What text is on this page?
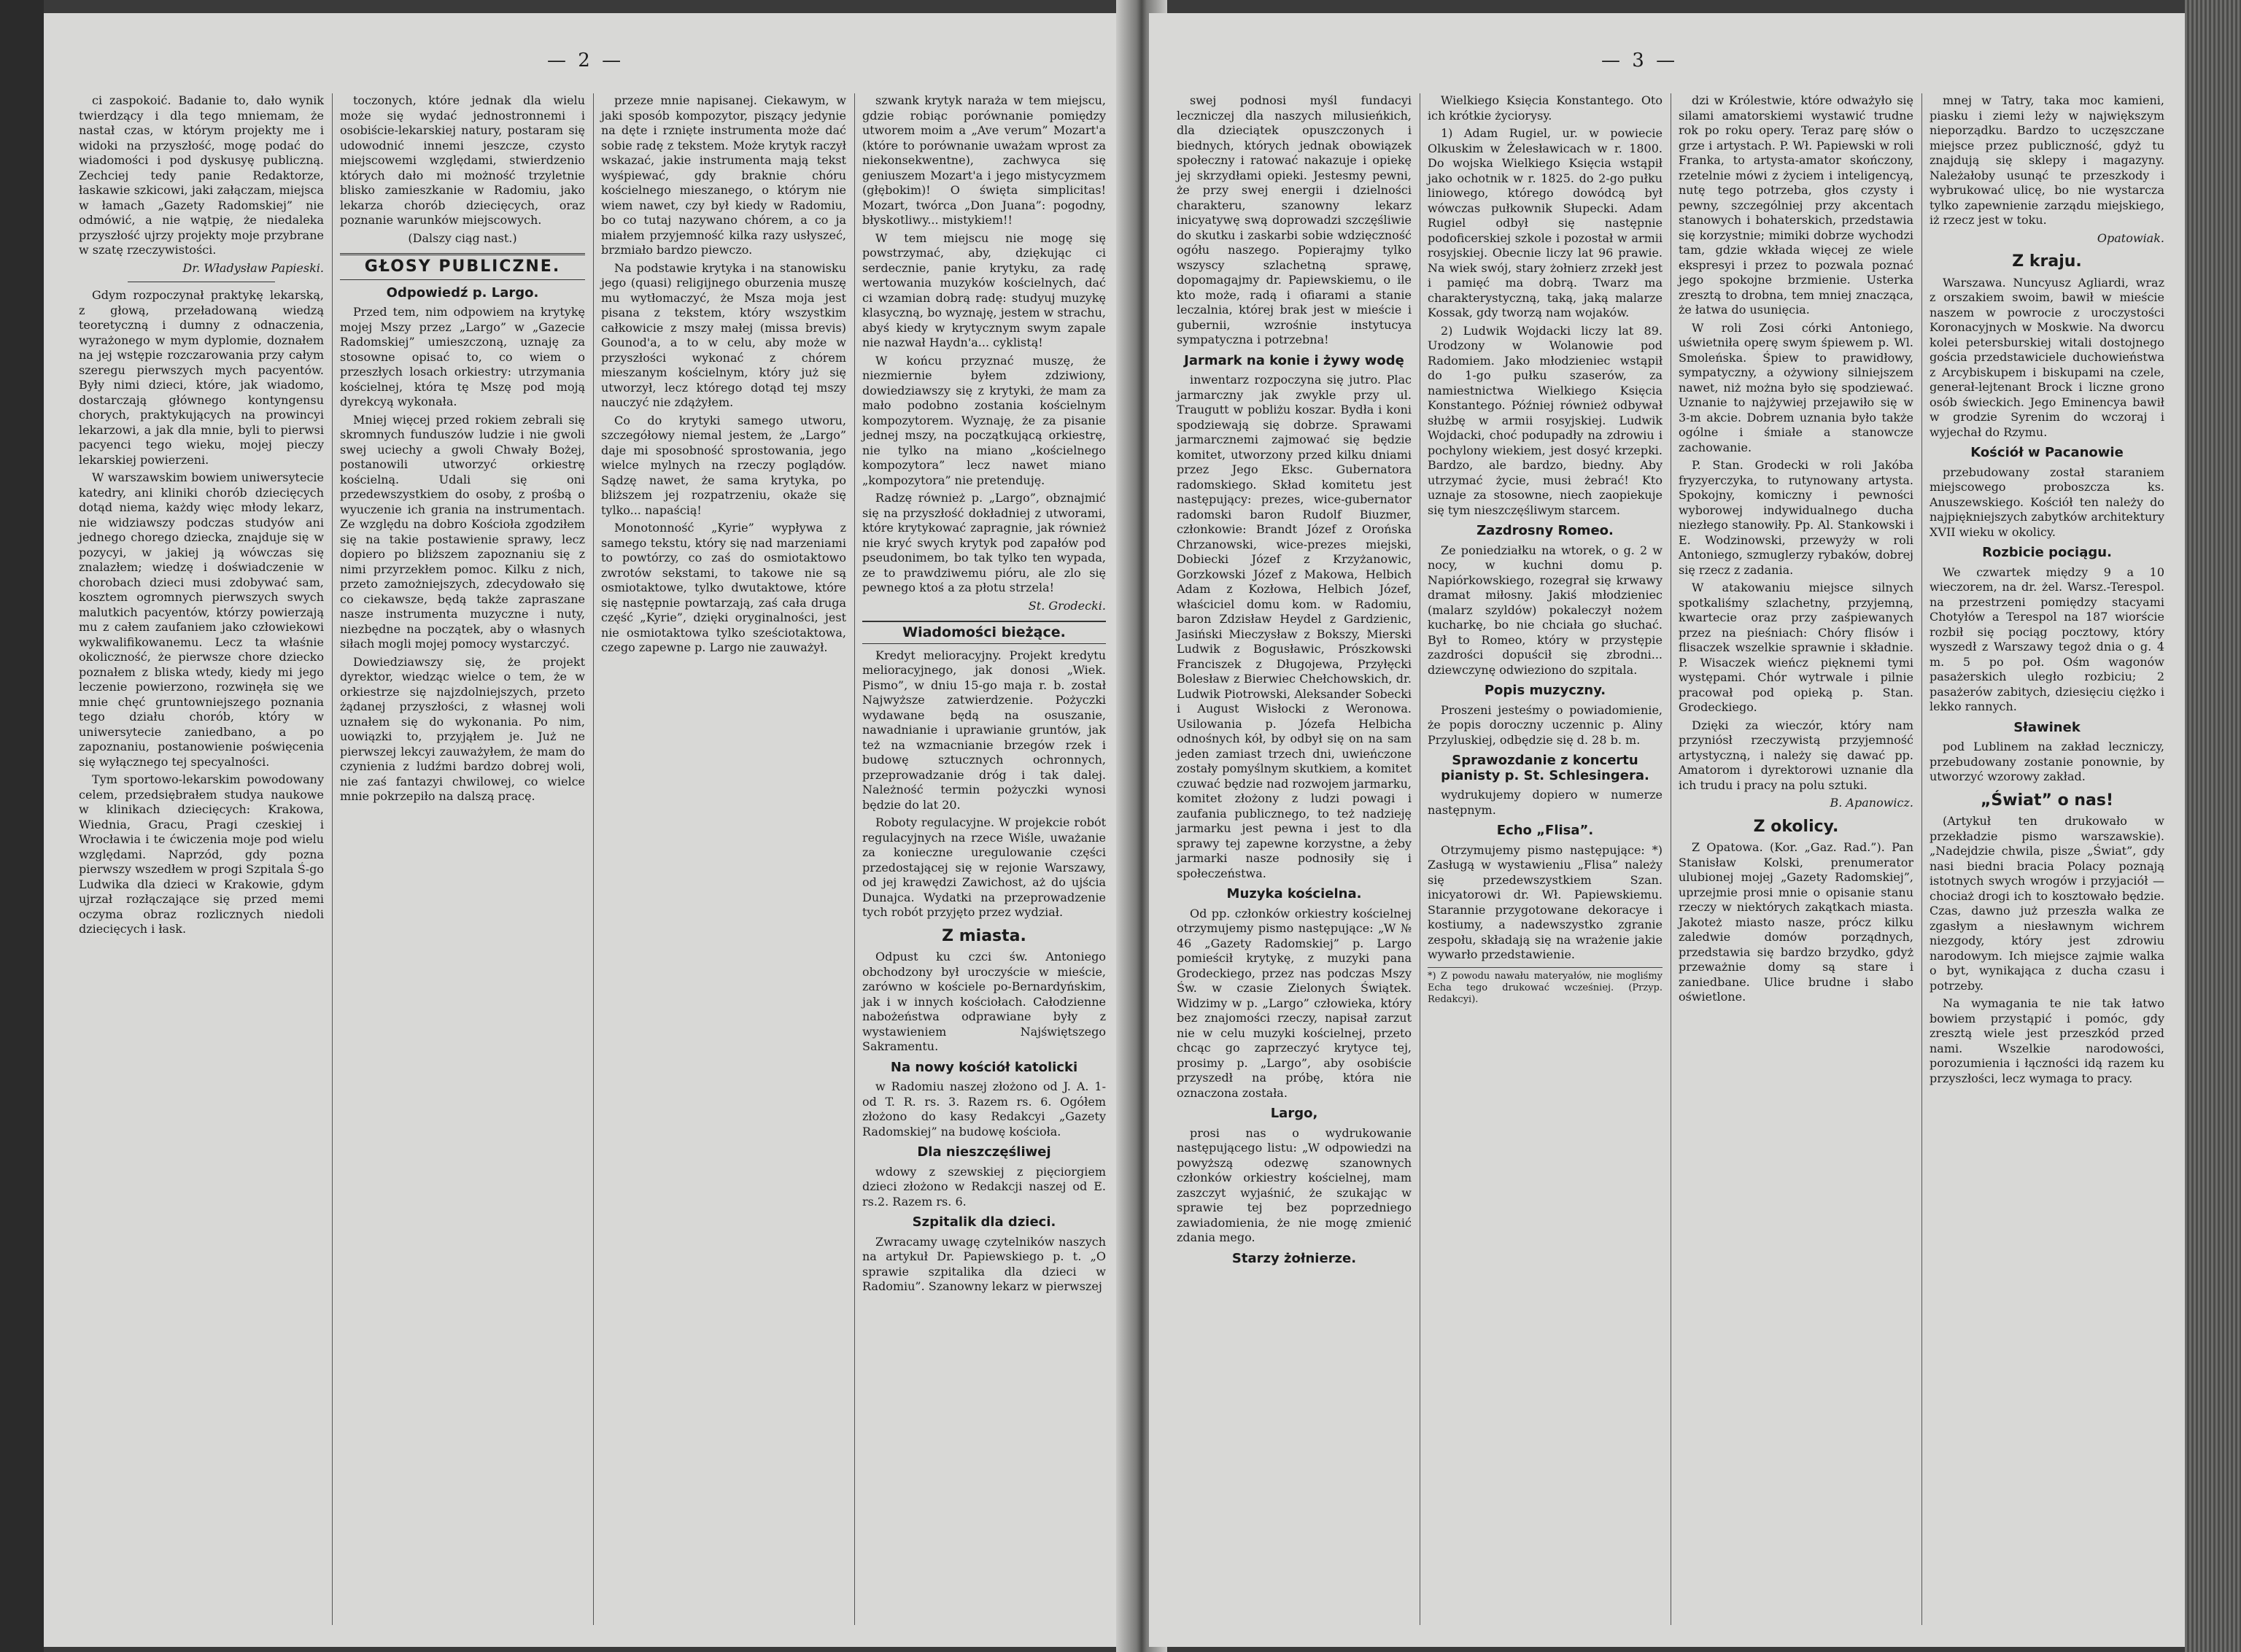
— 2 —

ci zaspokoić. Badanie to, dało wynik twierdzący i dla tego mniemam, że nastał czas, w którym projekty me i widoki na przyszłość, mogę podać do wiadomości i pod dyskusyę publiczną. Zechciej tedy panie Redaktorze, łaskawie szkicowi, jaki załączam, miejsca w łamach „Gazety Radomskiej” nie odmówić, a nie wątpię, że niedaleka przyszłość ujrzy projekty moje przybrane w szatę rzeczywistości.

Dr. Władysław Papieski.

Gdym rozpoczynał praktykę lekarską, z głową, przeładowaną wiedzą teoretyczną i dumny z odnaczenia, wyrażonego w mym dyplomie, doznałem na jej wstępie rozczarowania przy całym szeregu pierwszych mych pacyentów. Były nimi dzieci, które, jak wiadomo, dostarczają głównego kontyngensu chorych, praktykujących na prowincyi lekarzowi, a jak dla mnie, byli to pierwsi pacyenci tego wieku, mojej pieczy lekarskiej powierzeni.

W warszawskim bowiem uniwersytecie katedry, ani kliniki chorób dziecięcych dotąd niema, każdy więc młody lekarz, nie widziawszy podczas studyów ani jednego chorego dziecka, znajduje się w pozycyi, w jakiej ją wówczas się znalazłem; wiedzę i doświadczenie w chorobach dzieci musi zdobywać sam, kosztem ogromnych pierwszych swych malutkich pacyentów, którzy powierzają mu z całem zaufaniem jako człowiekowi wykwalifikowanemu. Lecz ta właśnie okoliczność, że pierwsze chore dziecko poznałem z bliska wtedy, kiedy mi jego leczenie powierzono, rozwinęła się we mnie chęć gruntowniejszego poznania tego działu chorób, który w uniwersytecie zaniedbano, a po zapoznaniu, postanowienie poświęcenia się wyłącznego tej specyalności.

Tym sportowo-lekarskim powodowany celem, przedsiębrałem studya naukowe w klinikach dziecięcych: Krakowa, Wiednia, Gracu, Pragi czeskiej i Wrocławia i te ćwiczenia moje pod wielu względami. Naprzód, gdy pozna pierwszy wszedłem w progi Szpitala Ś-go Ludwika dla dzieci w Krakowie, gdym ujrzał rozłączające się przed memi oczyma obraz rozlicznych niedoli dziecięcych i łask.

toczonych, które jednak dla wielu może się wydać jednostronnemi i osobiście-lekarskiej natury, postaram się udowodnić innemi jeszcze, czysto miejscowemi względami, stwierdzenio których dało mi możność trzyletnie blisko zamieszkanie w Radomiu, jako lekarza chorób dziecięcych, oraz poznanie warunków miejscowych.

(Dalszy ciąg nast.)
GŁOSY PUBLICZNE.
Odpowiedź p. Largo.

Przed tem, nim odpowiem na krytykę mojej Mszy przez „Largo” w „Gazecie Radomskiej” umieszczoną, uznaję za stosowne opisać to, co wiem o przeszłych losach orkiestry: utrzymania kościelnej, która tę Mszę pod moją dyrekcyą wykonała.

Mniej więcej przed rokiem zebrali się skromnych funduszów ludzie i nie gwoli swej uciechy a gwoli Chwały Bożej, postanowili utworzyć orkiestrę kościelną. Udali się oni przedewszystkiem do osoby, z prośbą o wyuczenie ich grania na instrumentach. Ze względu na dobro Kościoła zgodziłem się na takie postawienie sprawy, lecz dopiero po bliższem zapoznaniu się z nimi przyrzekłem pomoc. Kilku z nich, przeto zamożniejszych, zdecydowało się co ciekawsze, będą także zapraszane nasze instrumenta muzyczne i nuty, niezbędne na początek, aby o własnych siłach mogli mojej pomocy wystarczyć.

Dowiedziawszy się, że projekt dyrektor, wiedząc wielce o tem, że w orkiestrze się najzdolniejszych, przeto żądanej przyszłości, z własnej woli uznałem się do wykonania. Po nim, uowiązki to, przyjąłem je. Już ne pierwszej lekcyi zauważyłem, że mam do czynienia z ludźmi bardzo dobrej woli, nie zaś fantazyi chwilowej, co wielce mnie pokrzepiło na dalszą pracę.

przeze mnie napisanej. Ciekawym, w jaki sposób kompozytor, piszący jedynie na dęte i rznięte instrumenta może dać sobie radę z tekstem. Może krytyk raczył wskazać, jakie instrumenta mają tekst wyśpiewać, gdy braknie chóru kościelnego mieszanego, o którym nie wiem nawet, czy był kiedy w Radomiu, bo co tutaj nazywano chórem, a co ja miałem przyjemność kilka razy usłyszeć, brzmiało bardzo piewczo.

Na podstawie krytyka i na stanowisku jego (quasi) religijnego oburzenia muszę mu wytłomaczyć, że Msza moja jest pisana z tekstem, który wszystkim całkowicie z mszy małej (missa brevis) Gounod'a, a to w celu, aby może w przyszłości wykonać z chórem mieszanym kościelnym, który już się utworzył, lecz którego dotąd tej mszy nauczyć nie zdążyłem.

Co do krytyki samego utworu, szczegółowy niemal jestem, że „Largo” daje mi sposobność sprostowania, jego wielce mylnych na rzeczy poglądów. Sądzę nawet, że sama krytyka, po bliższem jej rozpatrzeniu, okaże się tylko... napaścią!

Monotonność „Kyrie” wypływa z samego tekstu, który się nad marzeniami to powtórzy, co zaś do osmiotaktowo zwrotów sekstami, to takowe nie są osmiotaktowe, tylko dwutaktowe, które się następnie powtarzają, zaś cała druga część „Kyrie”, dzięki oryginalności, jest nie osmiotaktowa tylko sześciotaktowa, czego zapewne p. Largo nie zauważył.

szwank krytyk naraża w tem miejscu, gdzie robiąc porównanie pomiędzy utworem moim a „Ave verum” Mozart'a (które to porównanie uważam wprost za niekonsekwentne), zachwyca się geniuszem Mozart'a i jego mistycyzmem (głębokim)! O święta simplicitas! Mozart, twórca „Don Juana”: pogodny, błyskotliwy... mistykiem!!

W tem miejscu nie mogę się powstrzymać, aby, dziękując ci serdecznie, panie krytyku, za radę wertowania muzyków kościelnych, dać ci wzamian dobrą radę: studyuj muzykę klasyczną, bo wyznaję, jestem w strachu, abyś kiedy w krytycznym swym zapale nie nazwał Haydn'a... cyklistą!

W końcu przyznać muszę, że niezmiernie byłem zdziwiony, dowiedziawszy się z krytyki, że mam za mało podobno zostania kościelnym kompozytorem. Wyznaję, że za pisanie jednej mszy, na początkującą orkiestrę, nie tylko na miano „kościelnego kompozytora” lecz nawet miano „kompozytora” nie pretenduję.

Radzę również p. „Largo”, obznajmić się na przyszłość dokładniej z utworami, które krytykować zapragnie, jak również nie kryć swych krytyk pod zapałów pod pseudonimem, bo tak tylko ten wypada, ze to prawdziwemu pióru, ale zlo się pewnego ktoś a za płotu strzela!

St. Grodecki.
Wiadomości bieżące.

Kredyt melioracyjny. Projekt kredytu melioracyjnego, jak donosi „Wiek. Pismo”, w dniu 15-go maja r. b. został Najwyższe zatwierdzenie. Pożyczki wydawane będą na osuszanie, nawadnianie i uprawianie gruntów, jak też na wzmacnianie brzegów rzek i budowę sztucznych ochronnych, przeprowadzanie dróg i tak dalej. Należność termin pożyczki wynosi będzie do lat 20.

Roboty regulacyjne. W projekcie robót regulacyjnych na rzece Wiśle, uważanie za konieczne uregulowanie części przedostającej się w rejonie Warszawy, od jej krawędzi Zawichost, aż do ujścia Dunajca. Wydatki na przeprowadzenie tych robót przyjęto przez wydział.

Z miasta.

Odpust ku czci św. Antoniego obchodzony był uroczyście w mieście, zarówno w kościele po-Bernardyńskim, jak i w innych kościołach. Całodzienne nabożeństwa odprawiane były z wystawieniem Najświętszego Sakramentu.

Na nowy kościół katolicki

w Radomiu naszej złożono od J. A. 1-od T. R. rs. 3. Razem rs. 6. Ogółem złożono do kasy Redakcyi „Gazety Radomskiej” na budowę kościoła.

Dla nieszczęśliwej

wdowy z szewskiej z pięciorgiem dzieci złożono w Redakcji naszej od E. rs.2. Razem rs. 6.

Szpitalik dla dzieci.

Zwracamy uwagę czytelników naszych na artykuł Dr. Papiewskiego p. t. „O sprawie szpitalika dla dzieci w Radomiu”. Szanowny lekarz w pierwszej

— 3 —

swej podnosi myśl fundacyi leczniczej dla naszych milusieńkich, dla dzieciątek opuszczonych i biednych, których jednak obowiązek społeczny i ratować nakazuje i opiekę jej skrzydłami opieki. Jestesmy pewni, że przy swej energii i dzielności charakteru, szanowny lekarz inicyatywę swą doprowadzi szczęśliwie do skutku i zaskarbi sobie wdzięczność ogółu naszego. Popierajmy tylko wszyscy szlachetną sprawę, dopomagajmy dr. Papiewskiemu, o ile kto może, radą i ofiarami a stanie leczalnia, której brak jest w mieście i gubernii, wzrośnie instytucya sympatyczna i potrzebna!

Jarmark na konie i żywy wodę

inwentarz rozpoczyna się jutro. Plac jarmarczny jak zwykle przy ul. Traugutt w pobliżu koszar. Bydła i koni spodziewają się dobrze. Sprawami jarmarcznemi zajmować się będzie komitet, utworzony przed kilku dniami przez Jego Eksc. Gubernatora radomskiego. Skład komitetu jest następujący: prezes, wice-gubernator radomski baron Rudolf Biuzmer, członkowie: Brandt Józef z Orońska Chrzanowski, wice-prezes miejski, Dobiecki Józef z Krzyżanowic, Gorzkowski Józef z Makowa, Helbich Adam z Kozłowa, Helbich Józef, właściciel domu kom. w Radomiu, baron Zdzisław Heydel z Gardzienic, Jasiński Mieczysław z Bokszy, Mierski Ludwik z Bogusławic, Prószkowski Franciszek z Długojewa, Przyłęcki Bolesław z Bierwiec Chełchowskich, dr. Ludwik Piotrowski, Aleksander Sobecki i August Wisłocki z Weronowa. Usilowania p. Józefa Helbicha odnośnych kół, by odbył się on na sam jeden zamiast trzech dni, uwieńczone zostały pomyślnym skutkiem, a komitet czuwać będzie nad rozwojem jarmarku, komitet złożony z ludzi powagi i zaufania publicznego, to też nadzieję jarmarku jest pewna i jest to dla sprawy tej zapewne korzystne, a żeby jarmarki nasze podnosiły się i społeczeństwa.

Muzyka kościelna.

Od pp. członków orkiestry kościelnej otrzymujemy pismo następujące: „W № 46 „Gazety Radomskiej” p. Largo pomieścił krytykę, z muzyki pana Grodeckiego, przez nas podczas Mszy Św. w czasie Zielonych Świątek. Widzimy w p. „Largo” człowieka, który bez znajomości rzeczy, napisał zarzut nie w celu muzyki kościelnej, przeto chcąc go zaprzeczyć krytyce tej, prosimy p. „Largo”, aby osobiście przyszedł na próbę, która nie oznaczona została.

Largo,

prosi nas o wydrukowanie następującego listu: „W odpowiedzi na powyższą odezwę szanownych członków orkiestry kościelnej, mam zaszczyt wyjaśnić, że szukając w sprawie tej bez poprzedniego zawiadomienia, że nie mogę zmienić zdania mego.

Starzy żołnierze.

Wielkiego Księcia Konstantego. Oto ich krótkie życiorysy.

1) Adam Rugiel, ur. w powiecie Olkuskim w Żelesławicach w r. 1800. Do wojska Wielkiego Księcia wstąpił jako ochotnik w r. 1825. do 2-go pułku liniowego, którego dowódcą był wówczas pułkownik Słupecki. Adam Rugiel odbył się następnie podoficerskiej szkole i pozostał w armii rosyjskiej. Obecnie liczy lat 96 prawie. Na wiek swój, stary żołnierz zrzekł jest i pamięć ma dobrą. Twarz ma charakterystyczną, taką, jaką malarze Kossak, gdy tworzą nam wojaków.

2) Ludwik Wojdacki liczy lat 89. Urodzony w Wolanowie pod Radomiem. Jako młodzieniec wstąpił do 1-go pułku szaserów, za namiestnictwa Wielkiego Księcia Konstantego. Później również odbywał służbę w armii rosyjskiej. Ludwik Wojdacki, choć podupadły na zdrowiu i pochylony wiekiem, jest dosyć krzepki. Bardzo, ale bardzo, biedny. Aby utrzymać życie, musi żebrać! Kto uznaje za stosowne, niech zaopiekuje się tym nieszczęśliwym starcem.

Zazdrosny Romeo.

Ze poniedziałku na wtorek, o g. 2 w nocy, w kuchni domu p. Napiórkowskiego, rozegrał się krwawy dramat miłosny. Jakiś młodzieniec (malarz szyldów) pokaleczył nożem kucharkę, bo nie chciała go słuchać. Był to Romeo, który w przystępie zazdrości dopuścił się zbrodni... dziewczynę odwieziono do szpitala.

Popis muzyczny.

Proszeni jesteśmy o powiadomienie, że popis doroczny uczennic p. Aliny Przyluskiej, odbędzie się d. 28 b. m.

Sprawozdanie z koncertu pianisty p. St. Schlesingera.

wydrukujemy dopiero w numerze następnym.

Echo „Flisa”.

Otrzymujemy pismo następujące: *) Zasługą w wystawieniu „Flisa” należy się przedewszystkiem Szan. inicyatorowi dr. Wł. Papiewskiemu. Starannie przygotowane dekoracye i kostiumy, a nadewszystko zgranie zespołu, składają się na wrażenie jakie wywarło przedstawienie.

*) Z powodu nawału materyałów, nie mogliśmy Echa tego drukować wcześniej. (Przyp. Redakcyi).

dzi w Królestwie, które odważyło się silami amatorskiemi wystawić trudne rok po roku opery. Teraz parę słów o grze i artystach. P. Wł. Papiewski w roli Franka, to artysta-amator skończony, rzetelnie mówi z życiem i inteligencyą, nutę tego potrzeba, głos czysty i pewny, szczególniej przy akcentach stanowych i bohaterskich, przedstawia się korzystnie; mimiki dobrze wychodzi tam, gdzie wkłada więcej ze wiele ekspresyi i przez to pozwala poznać jego spokojne brzmienie. Usterka zresztą to drobna, tem mniej znacząca, że łatwa do usunięcia.

W roli Zosi córki Antoniego, uświetniła operę swym śpiewem p. Wl. Smoleńska. Śpiew to prawidłowy, sympatyczny, a ożywiony silniejszem nawet, niż można było się spodziewać. Uznanie to najżywiej przejawiło się w 3-m akcie. Dobrem uznania było także ogólne i śmiałe a stanowcze zachowanie.

P. Stan. Grodecki w roli Jakóba fryzyerczyka, to rutynowany artysta. Spokojny, komiczny i pewności wyborowej indywidualnego ducha niezłego stanowiły. Pp. Al. Stankowski i E. Wodzinowski, przewyży w roli Antoniego, szmuglerzy rybaków, dobrej się rzecz z zadania.

W atakowaniu miejsce silnych spotkaliśmy szlachetny, przyjemną, kwartecie oraz przy zaśpiewanych przez na pieśniach: Chóry flisów i flisaczek wszelkie sprawnie i składnie. P. Wisaczek wieńcz pięknemi tymi występami. Chór wytrwale i pilnie pracował pod opieką p. Stan. Grodeckiego.

Dzięki za wieczór, który nam przyniósł rzeczywistą przyjemność artystyczną, i należy się dawać pp. Amatorom i dyrektorowi uznanie dla ich trudu i pracy na polu sztuki.

B. Apanowicz.
Z okolicy.

Z Opatowa. (Kor. „Gaz. Rad.”). Pan Stanisław Kolski, prenumerator ulubionej mojej „Gazety Radomskiej”, uprzejmie prosi mnie o opisanie stanu rzeczy w niektórych zakątkach miasta. Jakoteż miasto nasze, prócz kilku zaledwie domów porządnych, przedstawia się bardzo brzydko, gdyż przeważnie domy są stare i zaniedbane. Ulice brudne i słabo oświetlone.

mnej w Tatry, taka moc kamieni, piasku i ziemi leży w największym nieporządku. Bardzo to uczęszczane miejsce przez publiczność, gdyż tu znajdują się sklepy i magazyny. Należałoby usunąć te przeszkody i wybrukować ulicę, bo nie wystarcza tylko zapewnienie zarządu miejskiego, iż rzecz jest w toku.

Opatowiak.
Z kraju.

Warszawa. Nuncyusz Agliardi, wraz z orszakiem swoim, bawił w mieście naszem w powrocie z uroczystości Koronacyjnych w Moskwie. Na dworcu kolei petersburskiej witali dostojnego gościa przedstawiciele duchowieństwa z Arcybiskupem i biskupami na czele, generał-lejtenant Brock i liczne grono osób świeckich. Jego Eminencya bawił w grodzie Syrenim do wczoraj i wyjechał do Rzymu.

Kościół w Pacanowie

przebudowany został staraniem miejscowego proboszcza ks. Anuszewskiego. Kościół ten należy do najpiękniejszych zabytków architektury XVII wieku w okolicy.

Rozbicie pociągu.

We czwartek między 9 a 10 wieczorem, na dr. żel. Warsz.-Terespol. na przestrzeni pomiędzy stacyami Chotyłów a Terespol na 187 wiorście rozbił się pociąg pocztowy, który wyszedł z Warszawy tegoż dnia o g. 4 m. 5 po poł. Ośm wagonów pasażerskich uległo rozbiciu; 2 pasażerów zabitych, dziesięciu ciężko i lekko rannych.

Sławinek

pod Lublinem na zakład leczniczy, przebudowany zostanie ponownie, by utworzyć wzorowy zakład.

„Świat” o nas!

(Artykuł ten drukowało w przekładzie pismo warszawskie). „Nadejdzie chwila, pisze „Świat”, gdy nasi biedni bracia Polacy poznają istotnych swych wrogów i przyjaciół — chociaż drogi ich to kosztowało będzie. Czas, dawno już przeszła walka ze zgasłym a niesławnym wichrem niezgody, który jest zdrowiu narodowym. Ich miejsce zajmie walka o byt, wynikająca z ducha czasu i potrzeby.

Na wymagania te nie tak łatwo bowiem przystąpić i pomóc, gdy zresztą wiele jest przeszkód przed nami. Wszelkie narodowości, porozumienia i łączności idą razem ku przyszłości, lecz wymaga to pracy.
